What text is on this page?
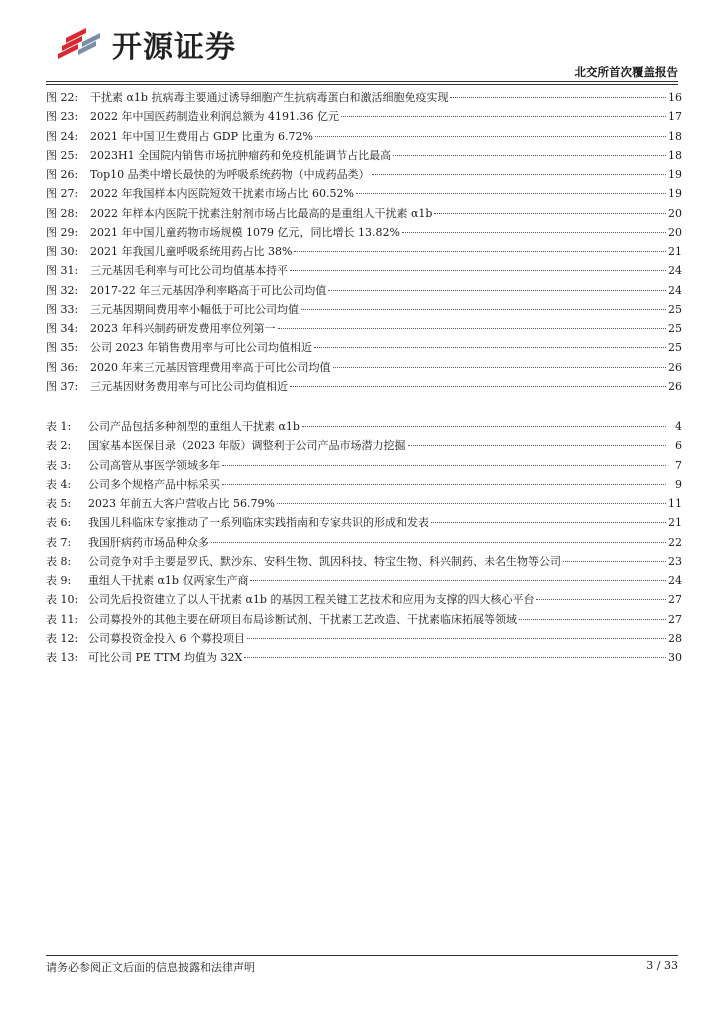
开源证券
北交所首次覆盖报告
图 22:	干扰素 α1b 抗病毒主要通过诱导细胞产生抗病毒蛋白和激活细胞免疫实现	16
图 23:	2022 年中国医药制造业利润总额为 4191.36 亿元	17
图 24:	2021 年中国卫生费用占 GDP 比重为 6.72%	18
图 25:	2023H1 全国院内销售市场抗肿瘤药和免疫机能调节占比最高	18
图 26:	Top10 品类中增长最快的为呼吸系统药物（中成药品类）	19
图 27:	2022 年我国样本内医院短效干扰素市场占比 60.52%	19
图 28:	2022 年样本内医院干扰素注射剂市场占比最高的是重组人干扰素 α1b	20
图 29:	2021 年中国儿童药物市场规模 1079 亿元，同比增长 13.82%	20
图 30:	2021 年我国儿童呼吸系统用药占比 38%	21
图 31:	三元基因毛利率与可比公司均值基本持平	24
图 32:	2017-22 年三元基因净利率略高于可比公司均值	24
图 33:	三元基因期间费用率小幅低于可比公司均值	25
图 34:	2023 年科兴制药研发费用率位列第一	25
图 35:	公司 2023 年销售费用率与可比公司均值相近	25
图 36:	2020 年来三元基因管理费用率高于可比公司均值	26
图 37:	三元基因财务费用率与可比公司均值相近	26
表 1:	公司产品包括多种剂型的重组人干扰素 α1b	4
表 2:	国家基本医保目录（2023 年版）调整利于公司产品市场潜力挖掘	6
表 3:	公司高管从事医学领域多年	7
表 4:	公司多个规格产品中标采买	9
表 5:	2023 年前五大客户营收占比 56.79%	11
表 6:	我国儿科临床专家推动了一系列临床实践指南和专家共识的形成和发表	21
表 7:	我国肝病药市场品种众多	22
表 8:	公司竞争对手主要是罗氏、默沙东、安科生物、凯因科技、特宝生物、科兴制药、未名生物等公司	23
表 9:	重组人干扰素 α1b 仅两家生产商	24
表 10: 公司先后投资建立了以人干扰素 α1b 的基因工程关键工艺技术和应用为支撑的四大核心平台	27
表 11: 公司募投外的其他主要在研项目布局诊断试剂、干扰素工艺改造、干扰素临床拓展等领域	27
表 12: 公司募投资金投入 6 个募投项目	28
表 13: 可比公司 PE TTM 均值为 32X	30
请务必参阅正文后面的信息披露和法律声明	3 / 33
